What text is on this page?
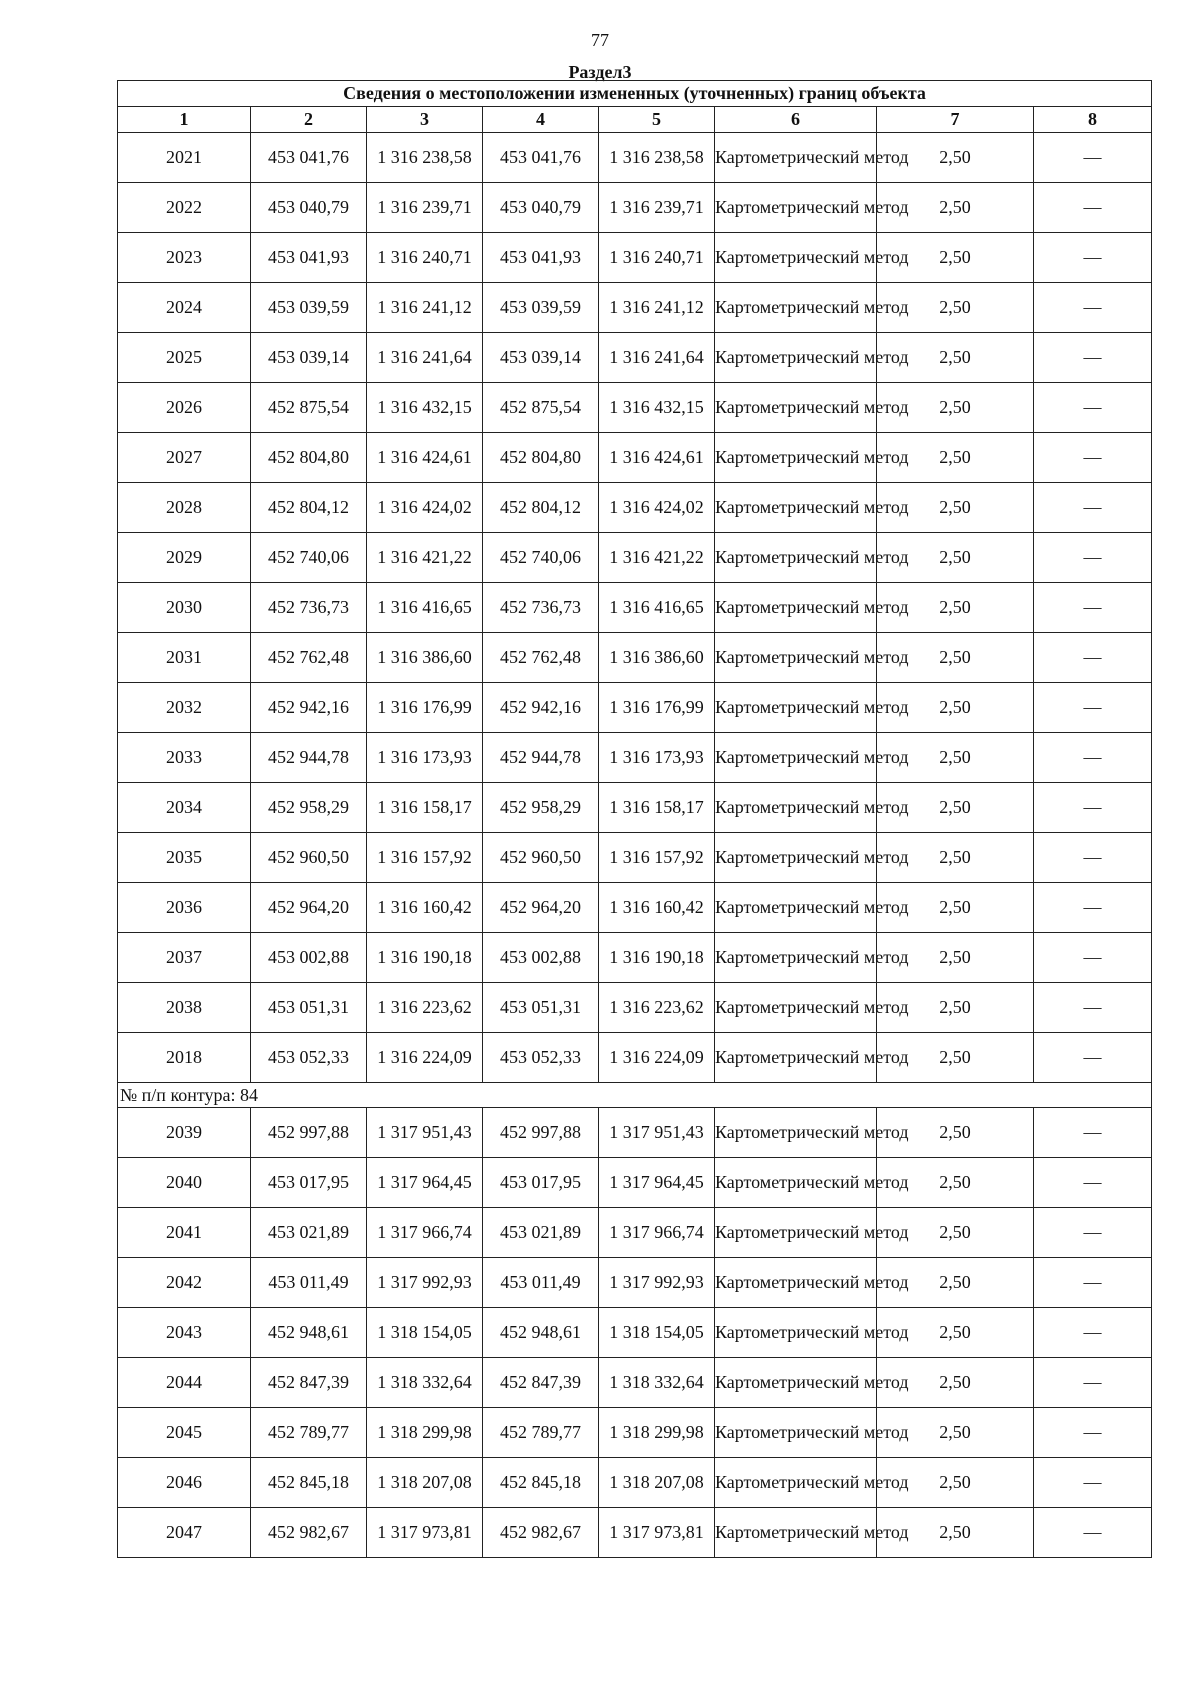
77
Раздел3
Сведения о местоположении измененных (уточненных) границ объекта							
1	2	3	4	5	6	7	8
2021	453 041,76	1 316 238,58	453 041,76	1 316 238,58	Картометрический метод	2,50	—
2022	453 040,79	1 316 239,71	453 040,79	1 316 239,71	Картометрический метод	2,50	—
2023	453 041,93	1 316 240,71	453 041,93	1 316 240,71	Картометрический метод	2,50	—
2024	453 039,59	1 316 241,12	453 039,59	1 316 241,12	Картометрический метод	2,50	—
2025	453 039,14	1 316 241,64	453 039,14	1 316 241,64	Картометрический метод	2,50	—
2026	452 875,54	1 316 432,15	452 875,54	1 316 432,15	Картометрический метод	2,50	—
2027	452 804,80	1 316 424,61	452 804,80	1 316 424,61	Картометрический метод	2,50	—
2028	452 804,12	1 316 424,02	452 804,12	1 316 424,02	Картометрический метод	2,50	—
2029	452 740,06	1 316 421,22	452 740,06	1 316 421,22	Картометрический метод	2,50	—
2030	452 736,73	1 316 416,65	452 736,73	1 316 416,65	Картометрический метод	2,50	—
2031	452 762,48	1 316 386,60	452 762,48	1 316 386,60	Картометрический метод	2,50	—
2032	452 942,16	1 316 176,99	452 942,16	1 316 176,99	Картометрический метод	2,50	—
2033	452 944,78	1 316 173,93	452 944,78	1 316 173,93	Картометрический метод	2,50	—
2034	452 958,29	1 316 158,17	452 958,29	1 316 158,17	Картометрический метод	2,50	—
2035	452 960,50	1 316 157,92	452 960,50	1 316 157,92	Картометрический метод	2,50	—
2036	452 964,20	1 316 160,42	452 964,20	1 316 160,42	Картометрический метод	2,50	—
2037	453 002,88	1 316 190,18	453 002,88	1 316 190,18	Картометрический метод	2,50	—
2038	453 051,31	1 316 223,62	453 051,31	1 316 223,62	Картометрический метод	2,50	—
2018	453 052,33	1 316 224,09	453 052,33	1 316 224,09	Картометрический метод	2,50	—
№ п/п контура: 84							
2039	452 997,88	1 317 951,43	452 997,88	1 317 951,43	Картометрический метод	2,50	—
2040	453 017,95	1 317 964,45	453 017,95	1 317 964,45	Картометрический метод	2,50	—
2041	453 021,89	1 317 966,74	453 021,89	1 317 966,74	Картометрический метод	2,50	—
2042	453 011,49	1 317 992,93	453 011,49	1 317 992,93	Картометрический метод	2,50	—
2043	452 948,61	1 318 154,05	452 948,61	1 318 154,05	Картометрический метод	2,50	—
2044	452 847,39	1 318 332,64	452 847,39	1 318 332,64	Картометрический метод	2,50	—
2045	452 789,77	1 318 299,98	452 789,77	1 318 299,98	Картометрический метод	2,50	—
2046	452 845,18	1 318 207,08	452 845,18	1 318 207,08	Картометрический метод	2,50	—
2047	452 982,67	1 317 973,81	452 982,67	1 317 973,81	Картометрический метод	2,50	—
